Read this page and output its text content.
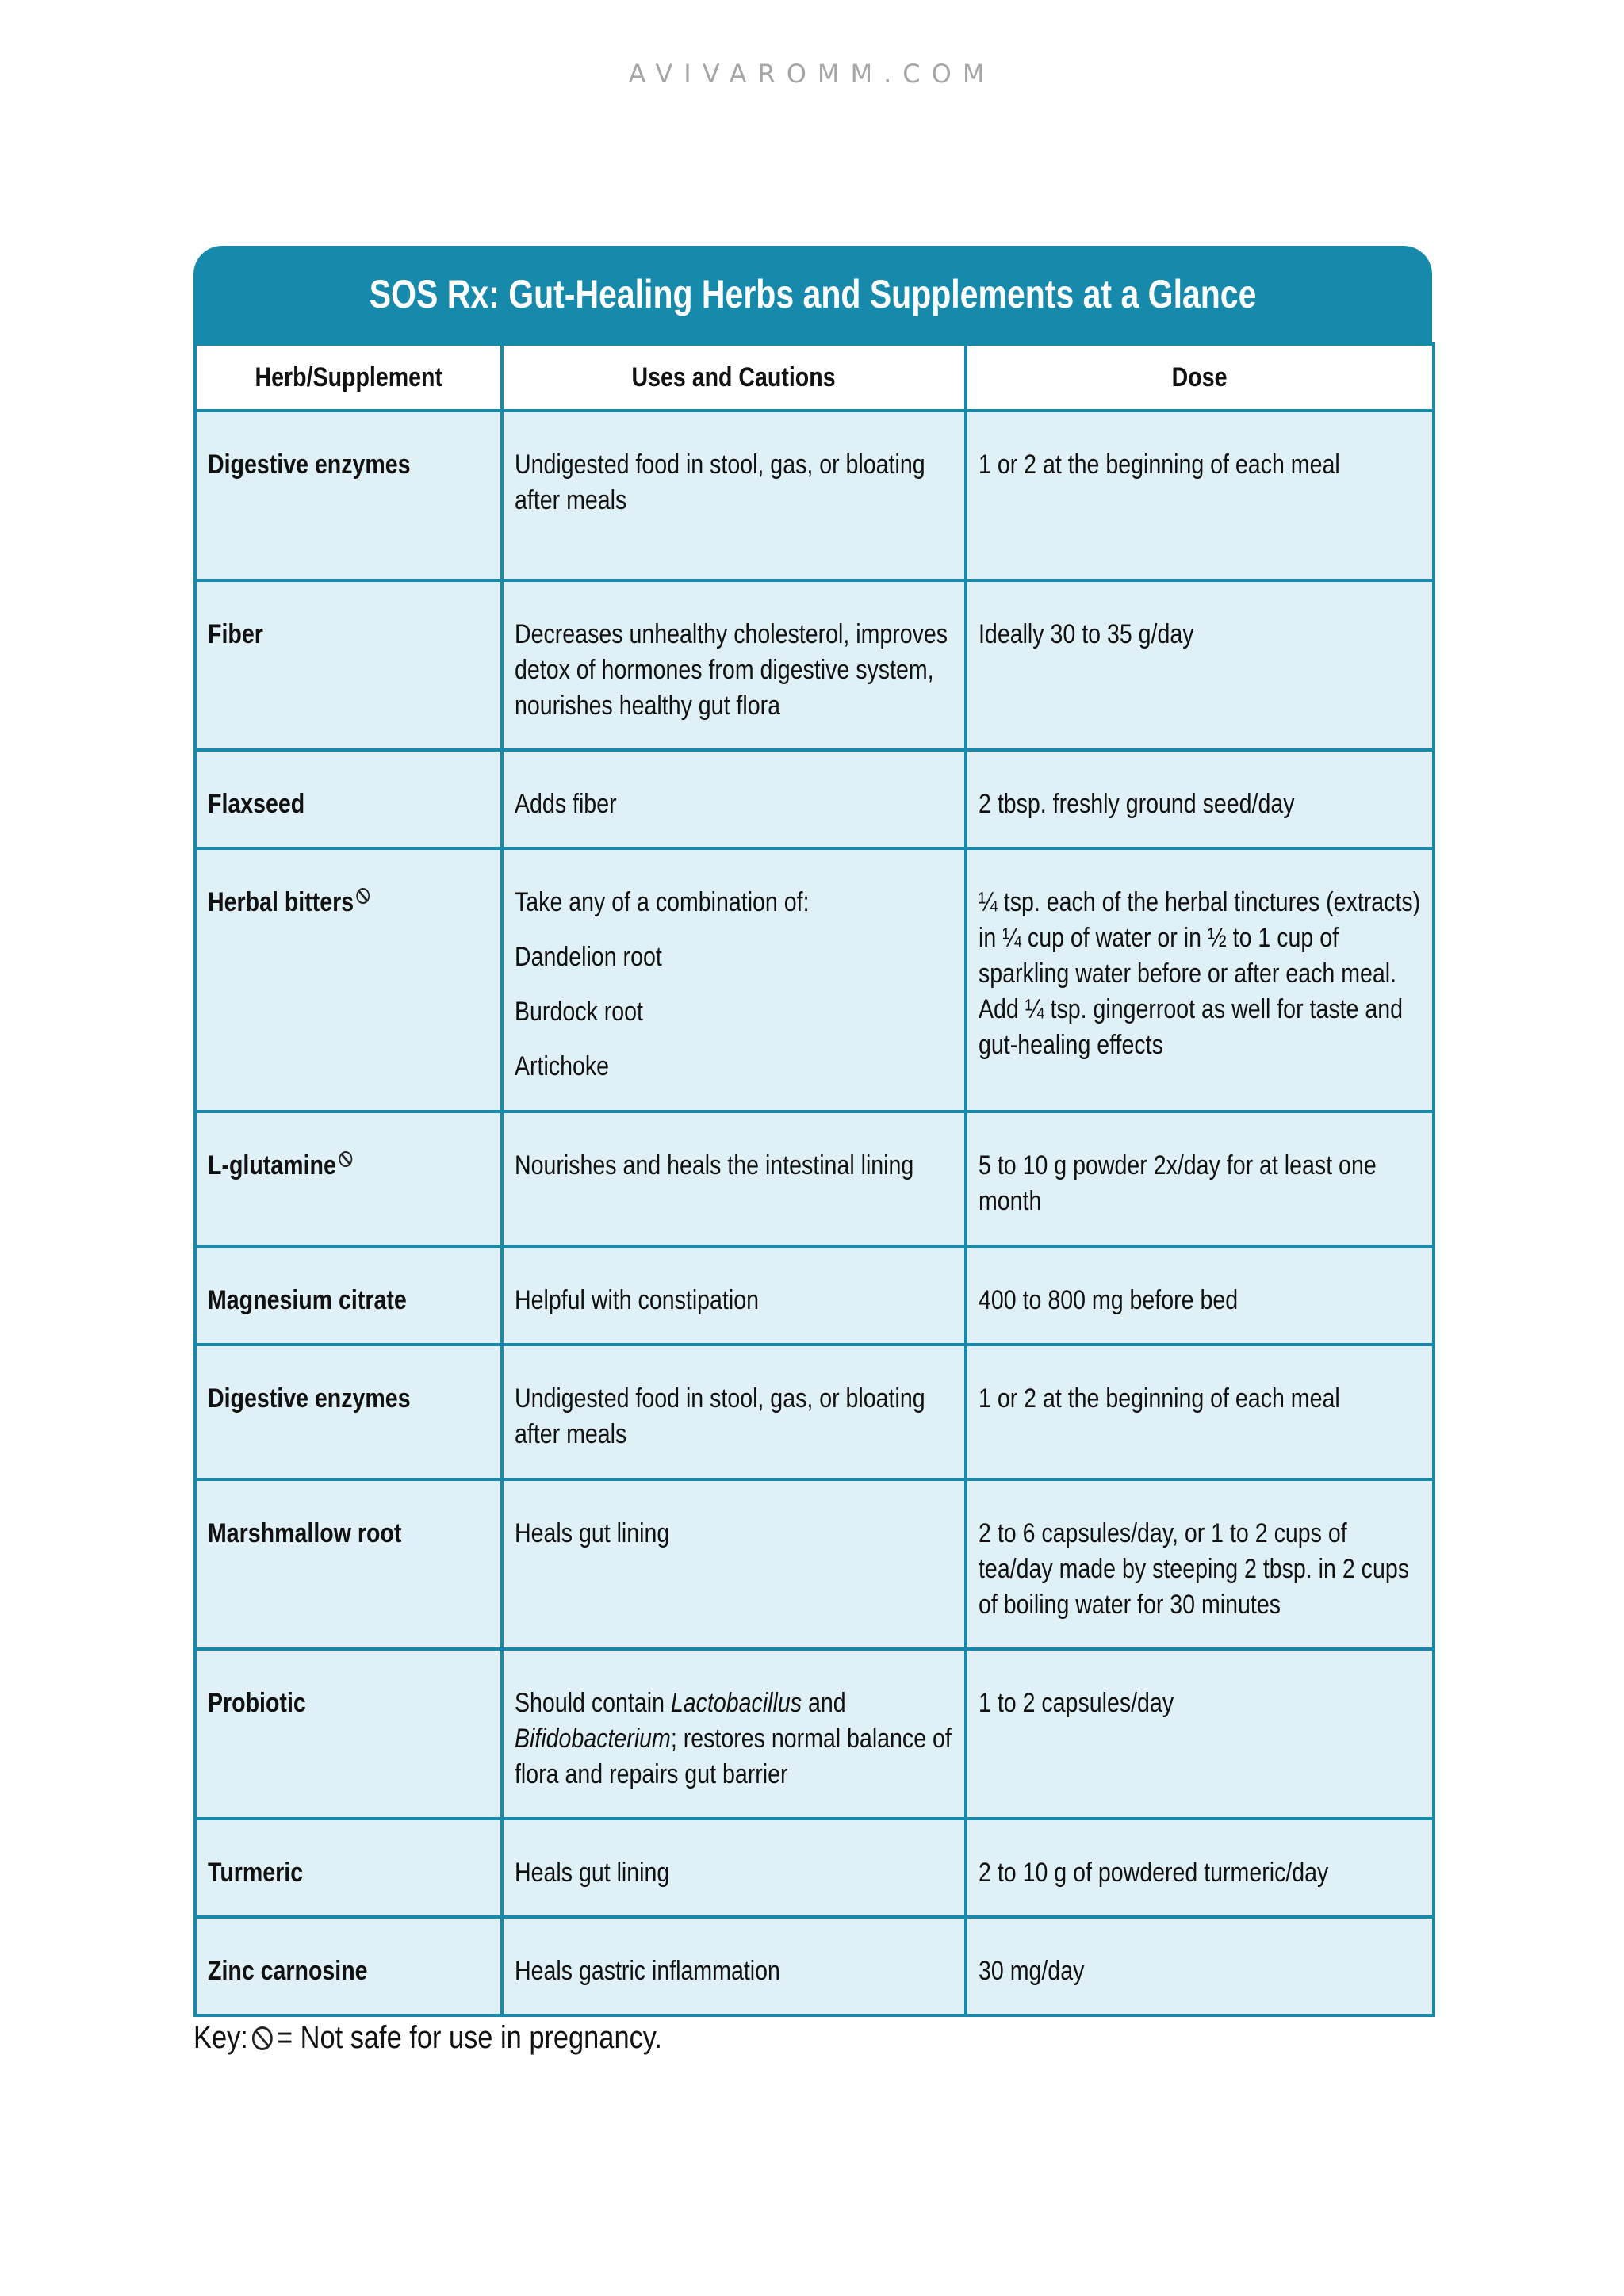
AVIVAROMM.COM
SOS Rx: Gut-Healing Herbs and Supplements at a Glance
Herb/Supplement	Uses and Cautions	Dose

Digestive enzymes	Undigested food in stool, gas, or bloating after meals	1 or 2 at the beginning of each meal

Fiber	Decreases unhealthy cholesterol, improves detox of hormones from digestive system, nourishes healthy gut flora	Ideally 30 to 35 g/day

Flaxseed	Adds fiber	2 tbsp. freshly ground seed/day

Herbal bitters	Take any of a combination of:
Dandelion root
Burdock root
Artichoke	¼ tsp. each of the herbal tinctures (extracts) in ¼ cup of water or in ½ to 1 cup of sparkling water before or after each meal. Add ¼ tsp. gingerroot as well for taste and gut-healing effects

L-glutamine	Nourishes and heals the intestinal lining	5 to 10 g powder 2x/day for at least one month

Magnesium citrate	Helpful with constipation	400 to 800 mg before bed

Digestive enzymes	Undigested food in stool, gas, or bloating after meals	1 or 2 at the beginning of each meal

Marshmallow root	Heals gut lining	2 to 6 capsules/day, or 1 to 2 cups of tea/day made by steeping 2 tbsp. in 2 cups of boiling water for 30 minutes

Probiotic	Should contain Lactobacillus and Bifidobacterium; restores normal balance of flora and repairs gut barrier	1 to 2 capsules/day

Turmeric	Heals gut lining	2 to 10 g of powdered turmeric/day

Zinc carnosine	Heals gastric inflammation	30 mg/day
Key: = Not safe for use in pregnancy.
